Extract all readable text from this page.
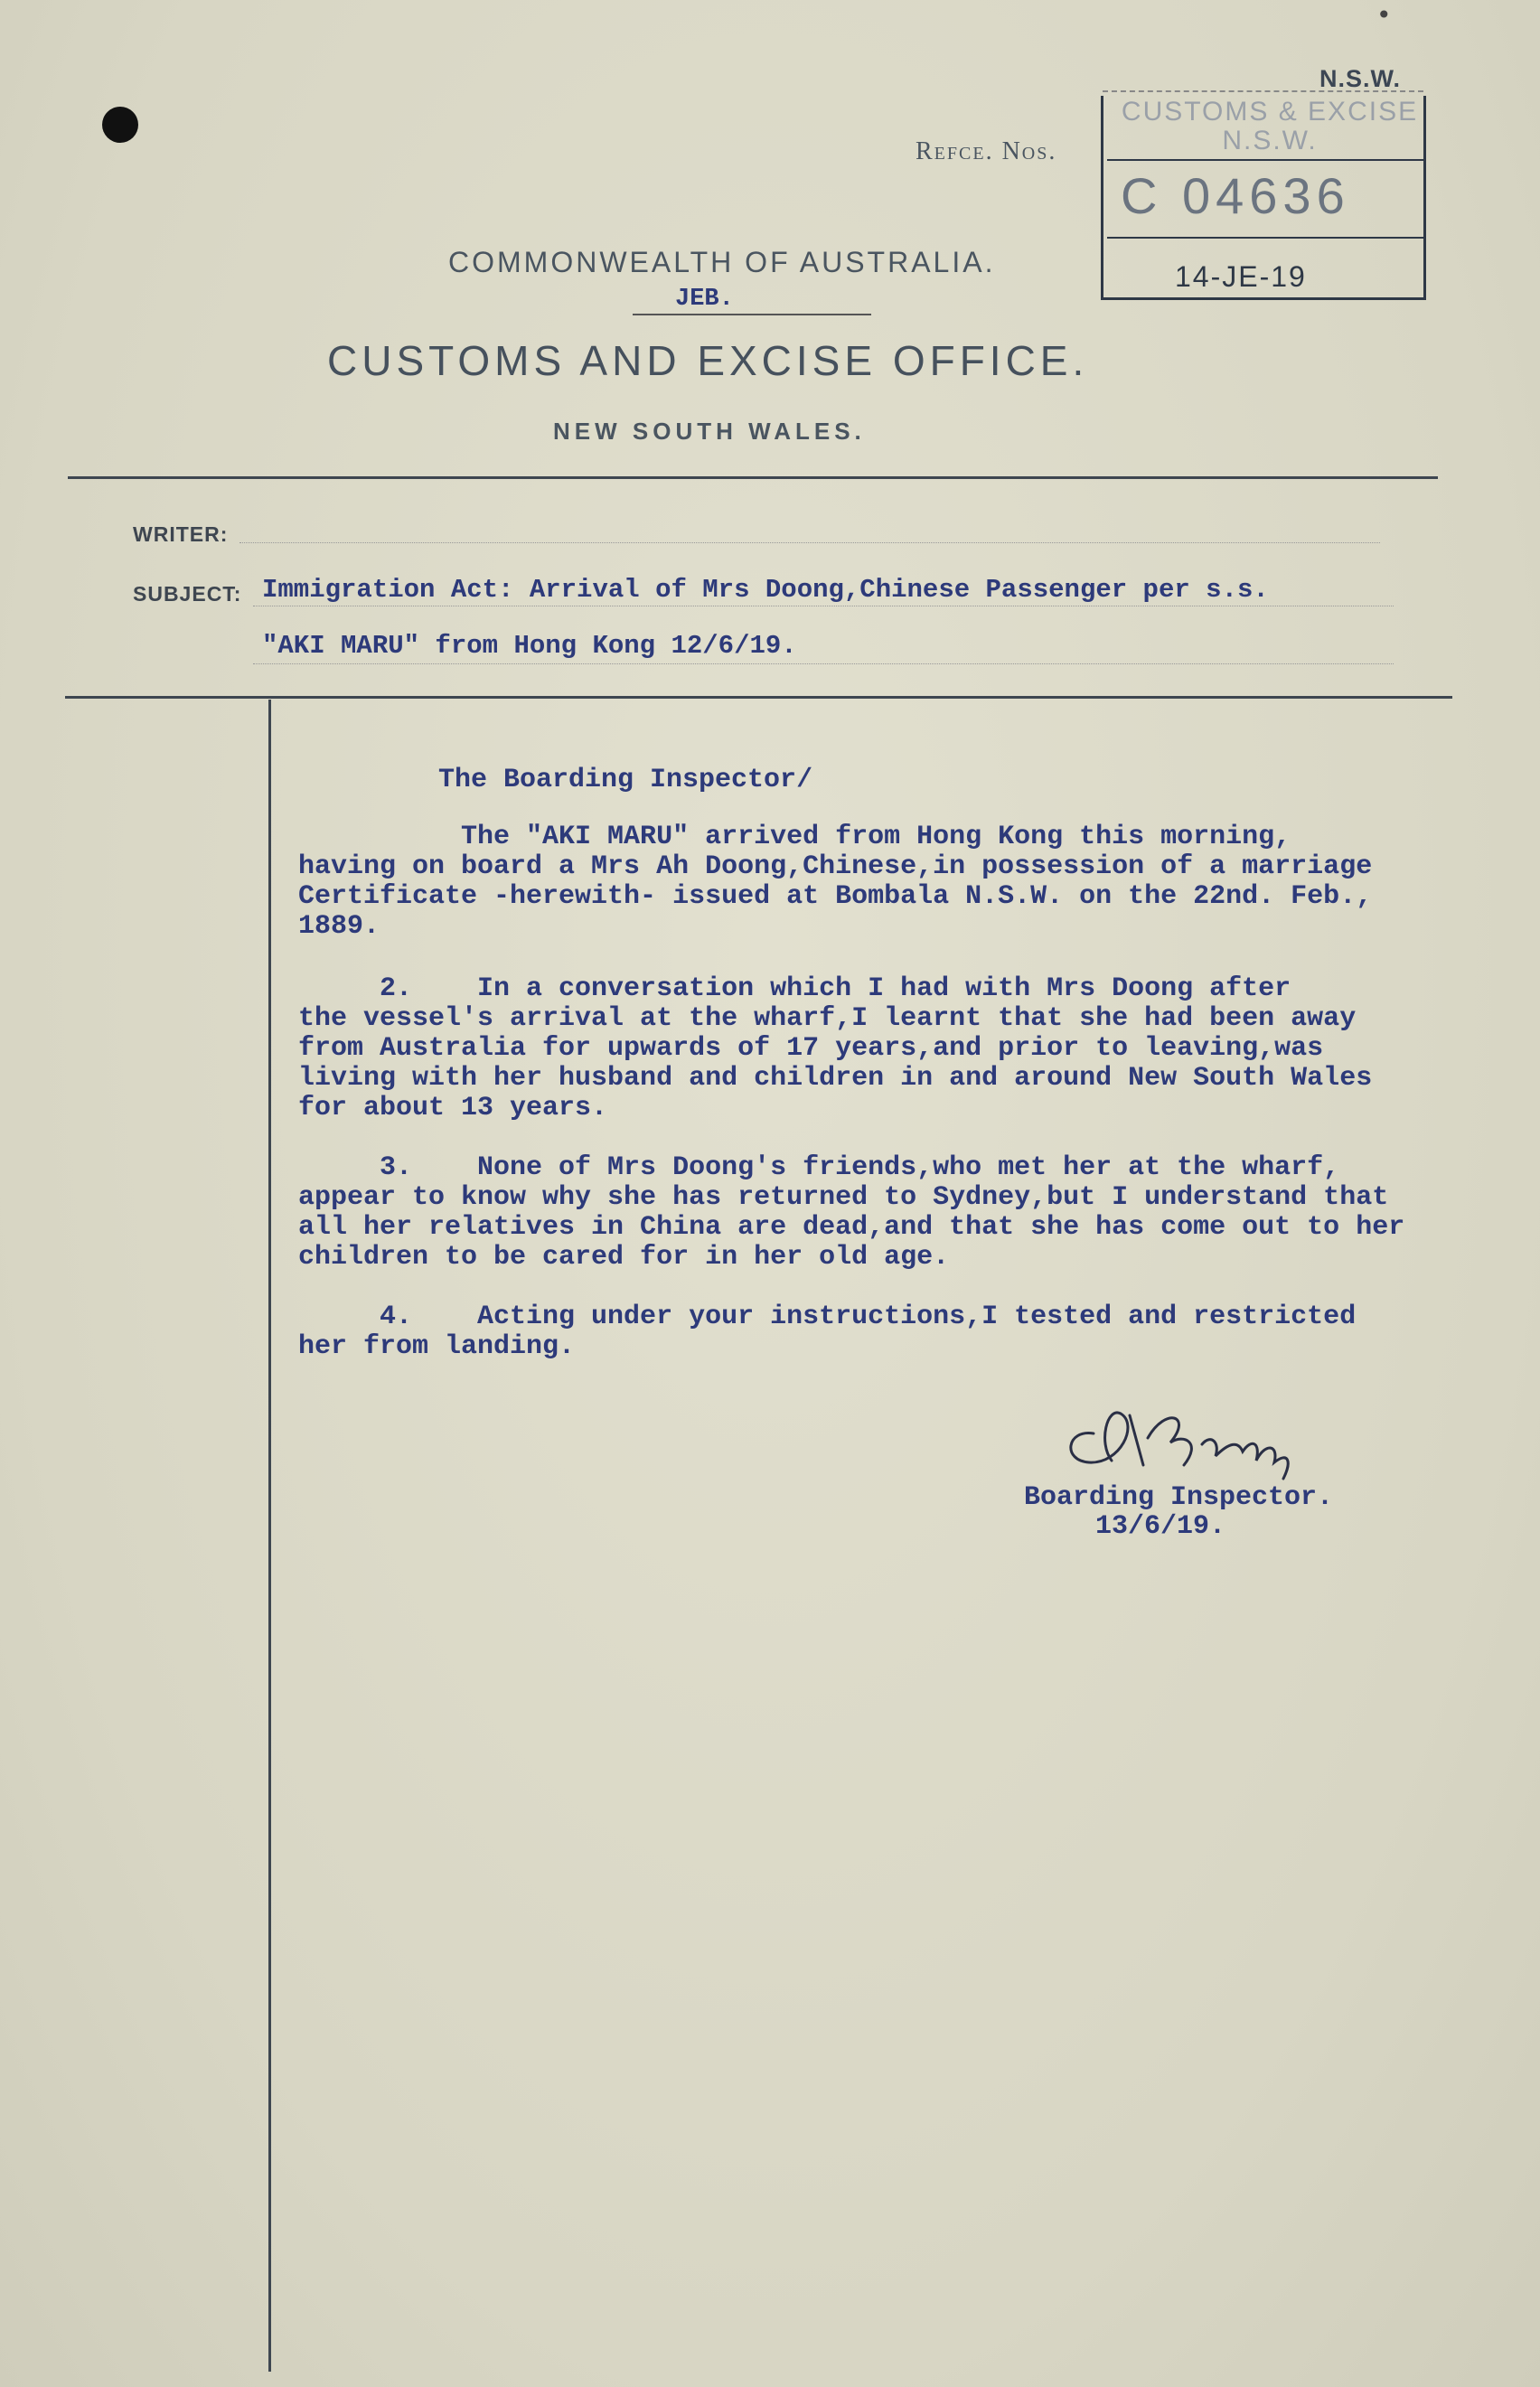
•
N.S.W.
Refce. Nos.
CUSTOMS & EXCISE
N.S.W.
C 04636
14-JE-19
COMMONWEALTH OF AUSTRALIA.
JEB.
CUSTOMS AND EXCISE OFFICE.
NEW SOUTH WALES.
WRITER:
SUBJECT: Immigration Act: Arrival of Mrs Doong,Chinese Passenger per s.s.
"AKI MARU" from Hong Kong 12/6/19.
The Boarding Inspector/
The "AKI MARU" arrived from Hong Kong this morning,
having on board a Mrs Ah Doong,Chinese,in possession of a marriage
Certificate -herewith- issued at Bombala N.S.W. on the 22nd. Feb.,
1889.
2.    In a conversation which I had with Mrs Doong after
the vessel's arrival at the wharf,I learnt that she had been away
from Australia for upwards of 17 years,and prior to leaving,was
living with her husband and children in and around New South Wales
for about 13 years.
3.    None of Mrs Doong's friends,who met her at the wharf,
appear to know why she has returned to Sydney,but I understand that
all her relatives in China are dead,and that she has come out to her
children to be cared for in her old age.
4.    Acting under your instructions,I tested and restricted
her from landing.
Boarding Inspector.
13/6/19.
